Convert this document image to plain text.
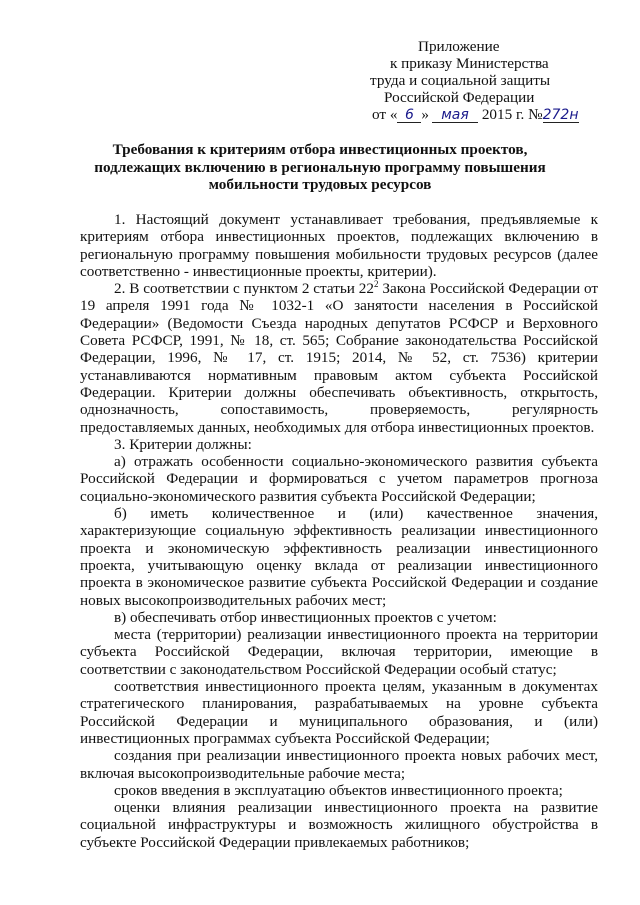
Приложение
к приказу Министерства
труда и социальной защиты
Российской Федерации
от « 6 » мая 2015 г. №272н
Требования к критериям отбора инвестиционных проектов,
подлежащих включению в региональную программу повышения
мобильности трудовых ресурсов

1. Настоящий документ устанавливает требования, предъявляемые к критериям отбора инвестиционных проектов, подлежащих включению в региональную программу повышения мобильности трудовых ресурсов (далее соответственно - инвестиционные проекты, критерии).

2. В соответствии с пунктом 2 статьи $22^2$ Закона Российской Федерации от 19 апреля 1991 года № 1032-1 «О занятости населения в Российской Федерации» (Ведомости Съезда народных депутатов РСФСР и Верховного Совета РСФСР, 1991, № 18, ст. 565; Собрание законодательства Российской Федерации, 1996, № 17, ст. 1915; 2014, № 52, ст. 7536) критерии устанавливаются нормативным правовым актом субъекта Российской Федерации. Критерии должны обеспечивать объективность, открытость, однозначность, сопоставимость, проверяемость, регулярность предоставляемых данных, необходимых для отбора инвестиционных проектов.

3. Критерии должны:

а) отражать особенности социально-экономического развития субъекта Российской Федерации и формироваться с учетом параметров прогноза социально-экономического развития субъекта Российской Федерации;

б) иметь количественное и (или) качественное значения, характеризующие социальную эффективность реализации инвестиционного проекта и экономическую эффективность реализации инвестиционного проекта, учитывающую оценку вклада от реализации инвестиционного проекта в экономическое развитие субъекта Российской Федерации и создание новых высокопроизводительных рабочих мест;

в) обеспечивать отбор инвестиционных проектов с учетом:

места (территории) реализации инвестиционного проекта на территории субъекта Российской Федерации, включая территории, имеющие в соответствии с законодательством Российской Федерации особый статус;

соответствия инвестиционного проекта целям, указанным в документах стратегического планирования, разрабатываемых на уровне субъекта Российской Федерации и муниципального образования, и (или) инвестиционных программах субъекта Российской Федерации;

создания при реализации инвестиционного проекта новых рабочих мест, включая высокопроизводительные рабочие места;

сроков введения в эксплуатацию объектов инвестиционного проекта;

оценки влияния реализации инвестиционного проекта на развитие социальной инфраструктуры и возможность жилищного обустройства в субъекте Российской Федерации привлекаемых работников;
